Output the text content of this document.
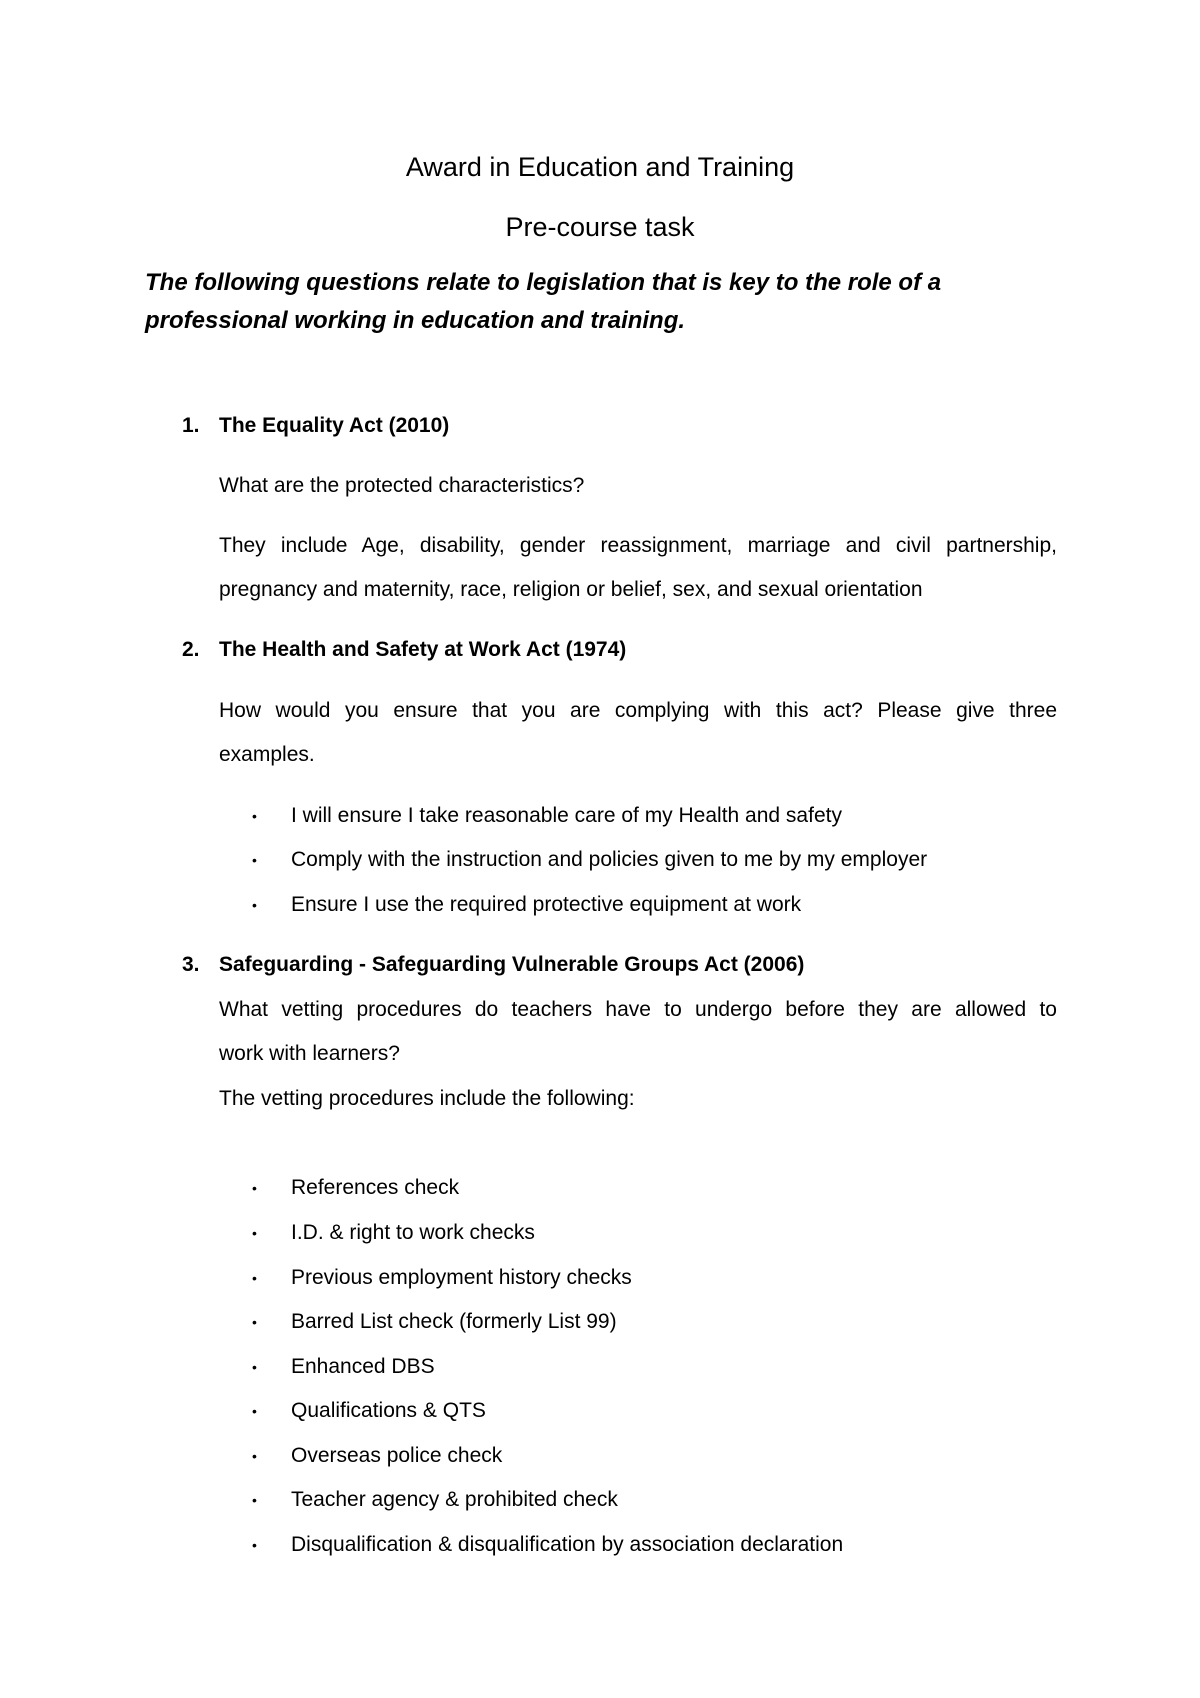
Award in Education and Training
Pre-course task
The following questions relate to legislation that is key to the role of a
professional working in education and training.
1. The Equality Act (2010)
What are the protected characteristics?
They include Age, disability, gender reassignment, marriage and civil partnership,
pregnancy and maternity, race, religion or belief, sex, and sexual orientation
2. The Health and Safety at Work Act (1974)
How would you ensure that you are complying with this act? Please give three
examples.
• I will ensure I take reasonable care of my Health and safety
• Comply with the instruction and policies given to me by my employer
• Ensure I use the required protective equipment at work
3. Safeguarding - Safeguarding Vulnerable Groups Act (2006)
What vetting procedures do teachers have to undergo before they are allowed to
work with learners?
The vetting procedures include the following:
• References check
• I.D. & right to work checks
• Previous employment history checks
• Barred List check (formerly List 99)
• Enhanced DBS
• Qualifications & QTS
• Overseas police check
• Teacher agency & prohibited check
• Disqualification & disqualification by association declaration
